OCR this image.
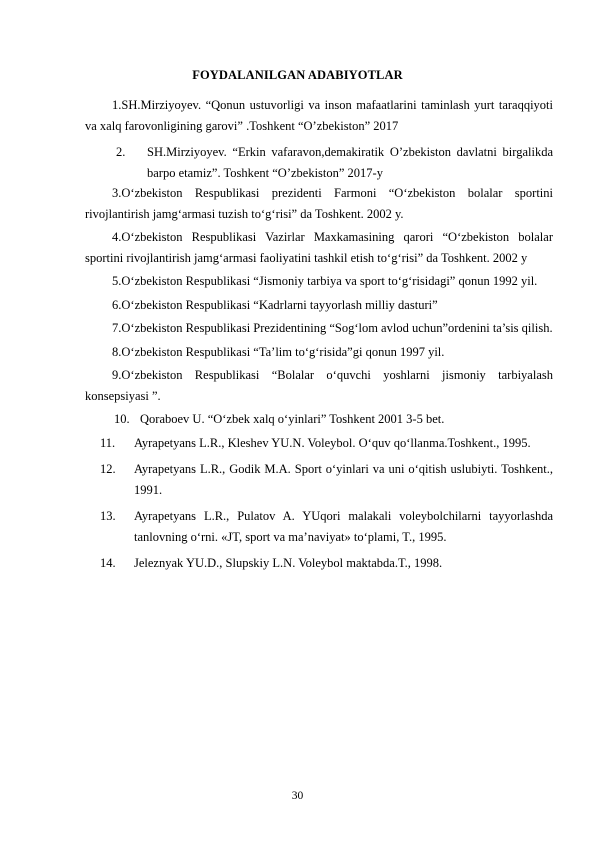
FOYDALANILGAN ADABIYOTLAR

1.SH.Mirziyoyev. “Qonun ustuvorligi va inson mafaatlarini taminlash yurt taraqqiyoti va xalq farovonligining garovi” .Toshkent “O’zbekiston” 2017

2. SH.Mirziyoyev. “Erkin vafaravon,demakiratik O’zbekiston davlatni birgalikda barpo etamiz”. Toshkent “O’zbekiston” 2017-y

3.O‘zbekiston Respublikasi prezidenti Farmoni “O‘zbekiston bolalar sportini rivojlantirish jamg‘armasi tuzish to‘g‘risi” da Toshkent. 2002 y.

4.O‘zbekiston Respublikasi Vazirlar Maxkamasining qarori “O‘zbekiston bolalar sportini rivojlantirish jamg‘armasi faoliyatini tashkil etish to‘g‘risi” da Toshkent. 2002 y

5.O‘zbekiston Respublikasi “Jismoniy tarbiya va sport to‘g‘risidagi” qonun 1992 yil.

6.O‘zbekiston Respublikasi “Kadrlarni tayyorlash milliy dasturi”

7.O‘zbekiston Respublikasi Prezidentining “Sog‘lom avlod uchun”ordenini ta’sis qilish.

8.O‘zbekiston Respublikasi “Ta’lim to‘g‘risida”gi qonun 1997 yil.

9.O‘zbekiston Respublikasi “Bolalar o‘quvchi yoshlarni jismoniy tarbiyalash konsepsiyasi ”.

10. Qoraboev U. “O‘zbek xalq o‘yinlari” Toshkent 2001 3-5 bet.

11. Ayrapetyans L.R., Kleshev YU.N. Voleybol. O‘quv qo‘llanma.Toshkent., 1995.

12. Ayrapetyans L.R., Godik M.A. Sport o‘yinlari va uni o‘qitish uslubiyti. Toshkent., 1991.

13. Ayrapetyans L.R., Pulatov A. YUqori malakali voleybolchilarni tayyorlashda tanlovning o‘rni. «JT, sport va ma’naviyat» to‘plami, T., 1995.

14. Jeleznyak YU.D., Slupskiy L.N. Voleybol maktabda.T., 1998.

30
